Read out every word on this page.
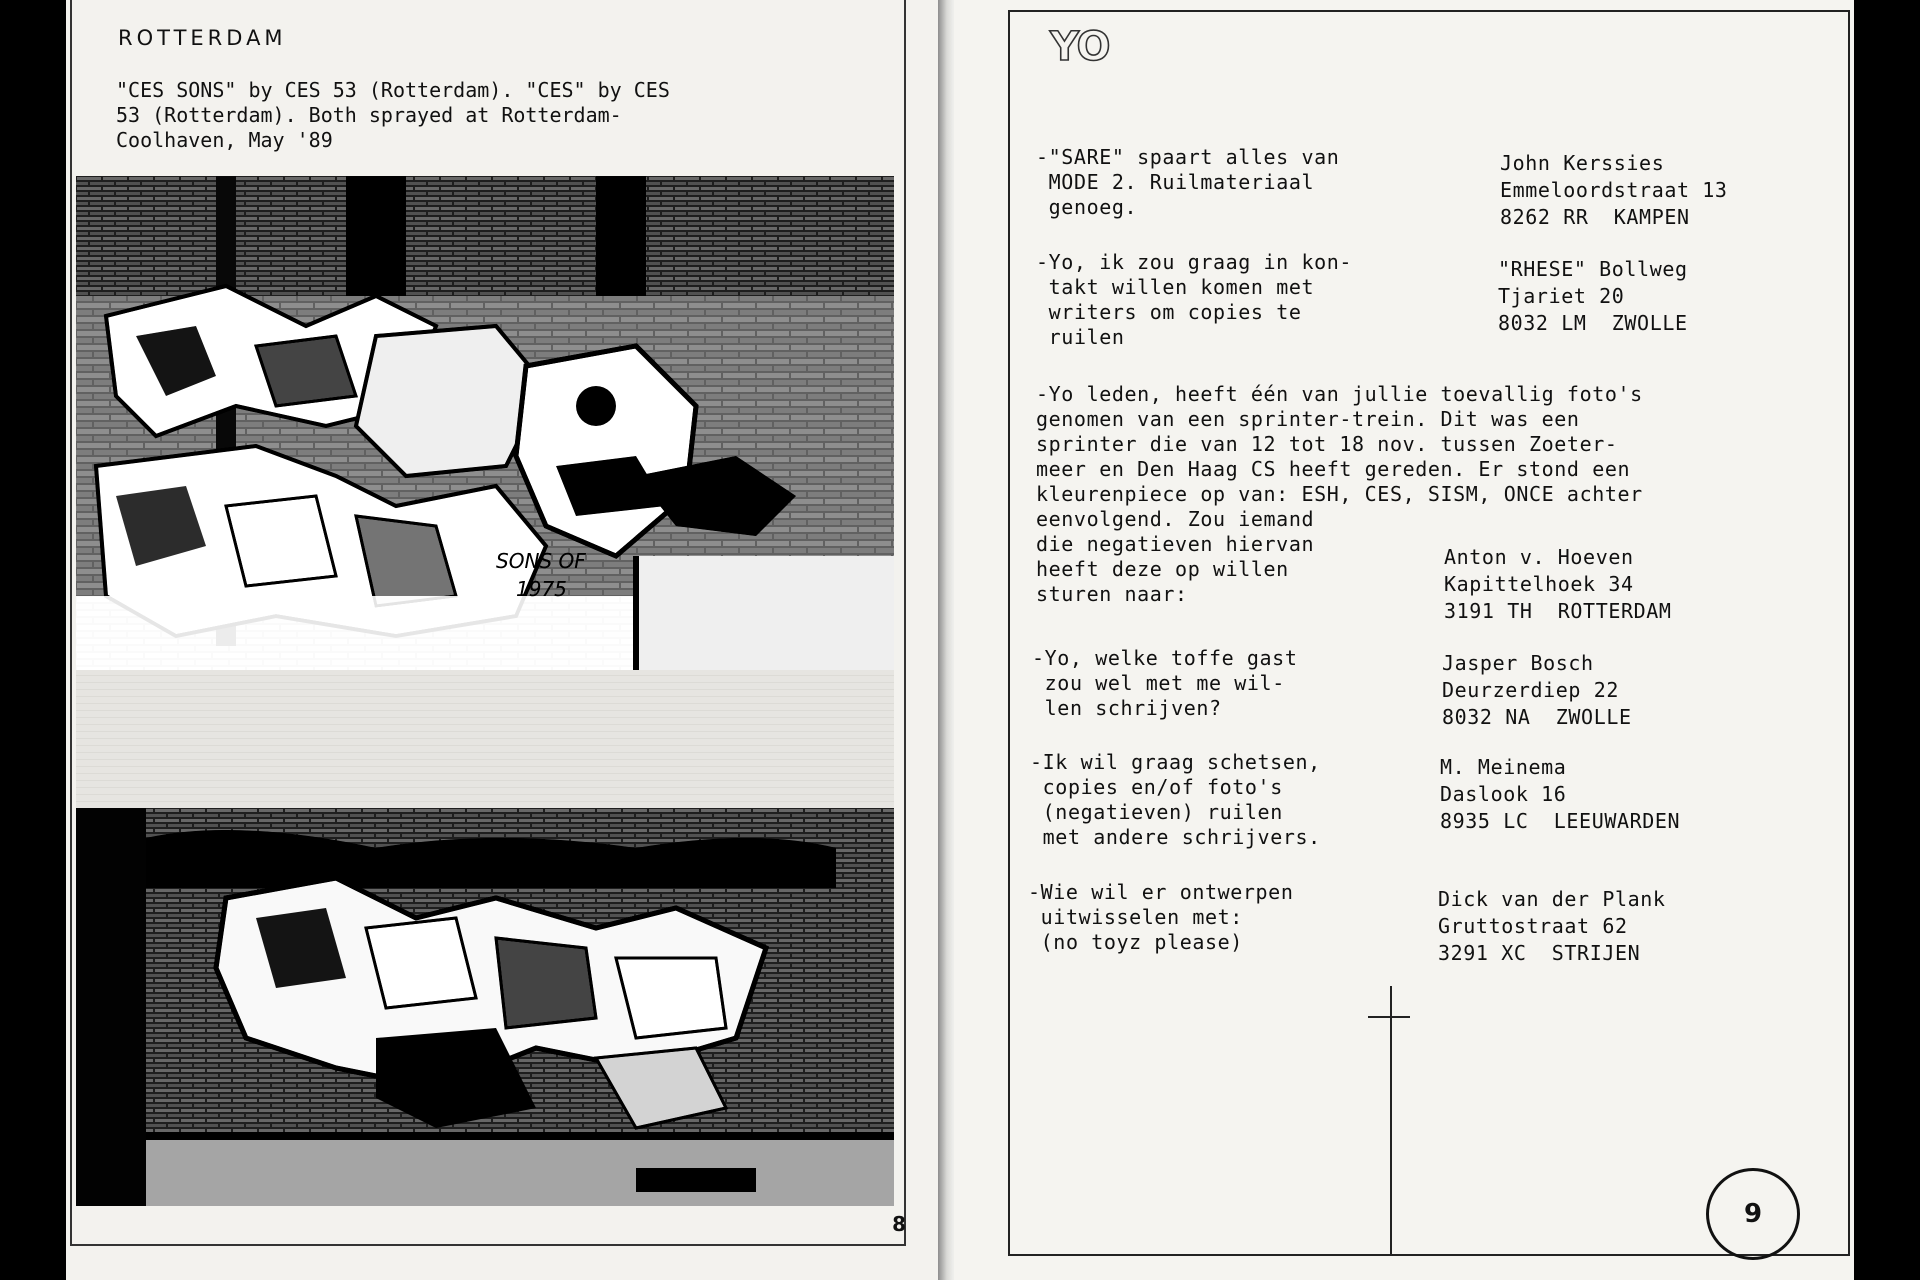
ROTTERDAM
"CES SONS" by CES 53 (Rotterdam). "CES" by CES
53 (Rotterdam). Both sprayed at Rotterdam-
Coolhaven, May '89
SONS OF
1975
8
YO
-"SARE" spaart alles van
MODE 2. Ruilmateriaal
genoeg.
John Kerssies
Emmeloordstraat 13
8262 RR  KAMPEN
-Yo, ik zou graag in kon-
takt willen komen met
writers om copies te
ruilen
"RHESE" Bollweg
Tjariet 20
8032 LM  ZWOLLE
-Yo leden, heeft één van jullie toevallig foto's
genomen van een sprinter-trein. Dit was een
sprinter die van 12 tot 18 nov. tussen Zoeter-
meer en Den Haag CS heeft gereden. Er stond een
kleurenpiece op van: ESH, CES, SISM, ONCE achter
eenvolgend. Zou iemand
die negatieven hiervan
heeft deze op willen
sturen naar:
Anton v. Hoeven
Kapittelhoek 34
3191 TH  ROTTERDAM
-Yo, welke toffe gast
zou wel met me wil-
len schrijven?
Jasper Bosch
Deurzerdiep 22
8032 NA  ZWOLLE
-Ik wil graag schetsen,
copies en/of foto's
(negatieven) ruilen
met andere schrijvers.
M. Meinema
Daslook 16
8935 LC  LEEUWARDEN
-Wie wil er ontwerpen
uitwisselen met:
(no toyz please)
Dick van der Plank
Gruttostraat 62
3291 XC  STRIJEN
9
